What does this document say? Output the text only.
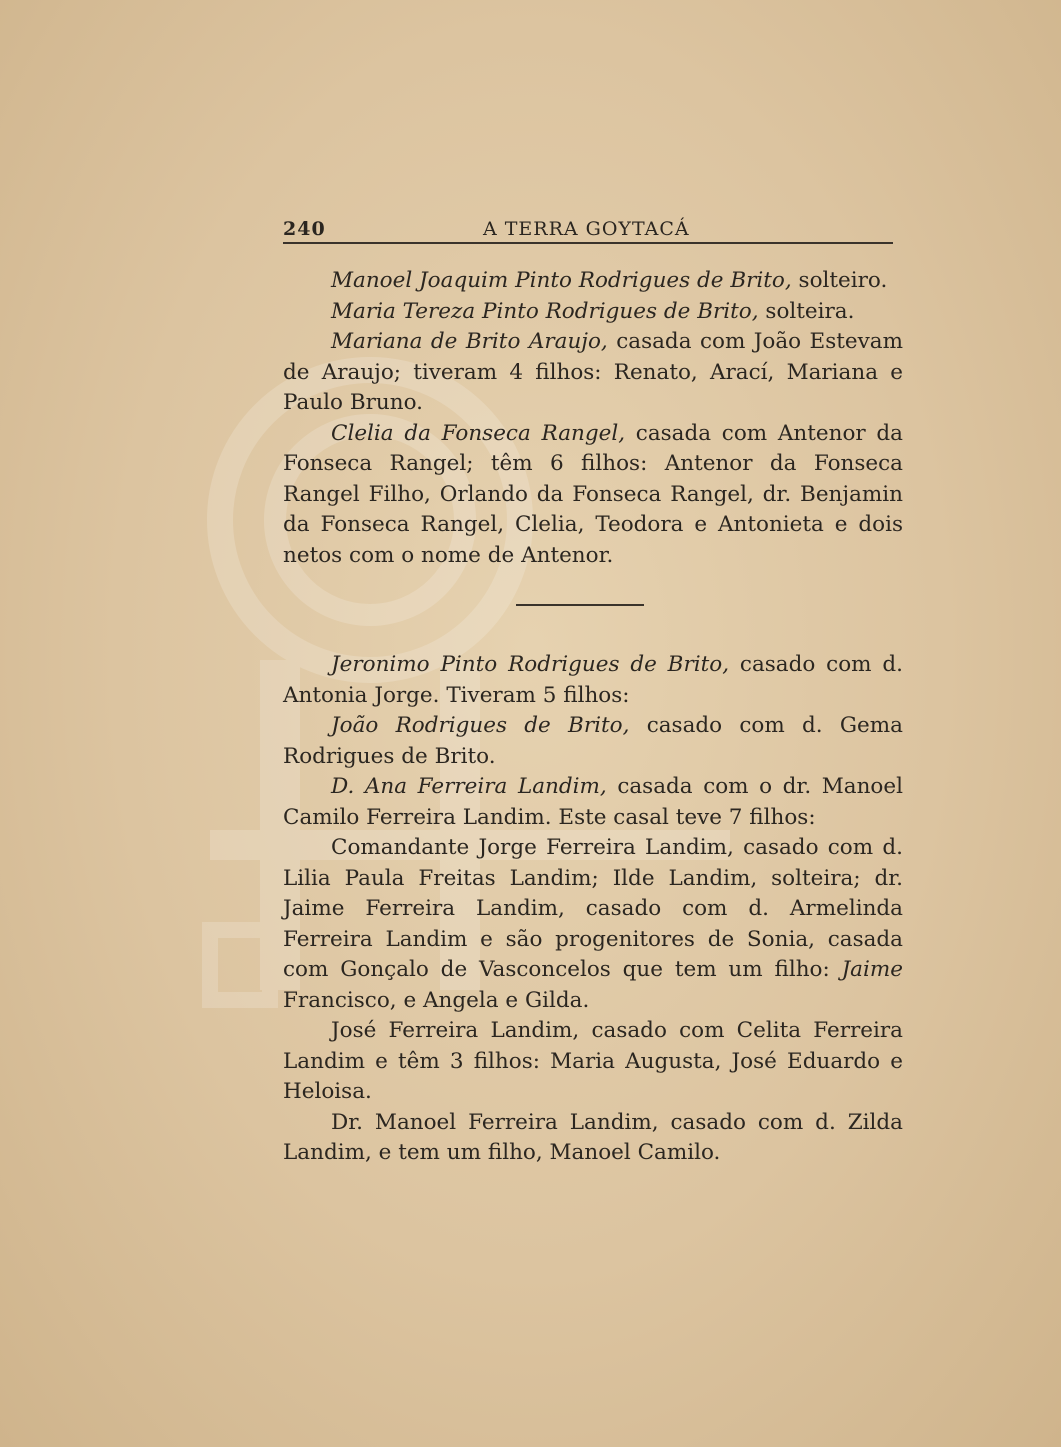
240	A TERRA GOYTACÁ

Manoel Joaquim Pinto Rodrigues de Brito, solteiro.

Maria Tereza Pinto Rodrigues de Brito, solteira.

Mariana de Brito Araujo, casada com João Estevam de Araujo; tiveram 4 filhos: Renato, Arací, Mariana e Paulo Bruno.

Clelia da Fonseca Rangel, casada com Antenor da Fonseca Rangel; têm 6 filhos: Antenor da Fonseca Rangel Filho, Orlando da Fonseca Rangel, dr. Benjamin da Fonseca Rangel, Clelia, Teodora e Antonieta e dois netos com o nome de Antenor.

Jeronimo Pinto Rodrigues de Brito, casado com d. Antonia Jorge. Tiveram 5 filhos:

João Rodrigues de Brito, casado com d. Gema Rodrigues de Brito.

D. Ana Ferreira Landim, casada com o dr. Manoel Camilo Ferreira Landim. Este casal teve 7 filhos:

Comandante Jorge Ferreira Landim, casado com d. Lilia Paula Freitas Landim; Ilde Landim, solteira; dr. Jaime Ferreira Landim, casado com d. Armelinda Ferreira Landim e são progenitores de Sonia, casada com Gonçalo de Vasconcelos que tem um filho: Jaime Francisco, e Angela e Gilda.

José Ferreira Landim, casado com Celita Ferreira Landim e têm 3 filhos: Maria Augusta, José Eduardo e Heloisa.

Dr. Manoel Ferreira Landim, casado com d. Zilda Landim, e tem um filho, Manoel Camilo.
